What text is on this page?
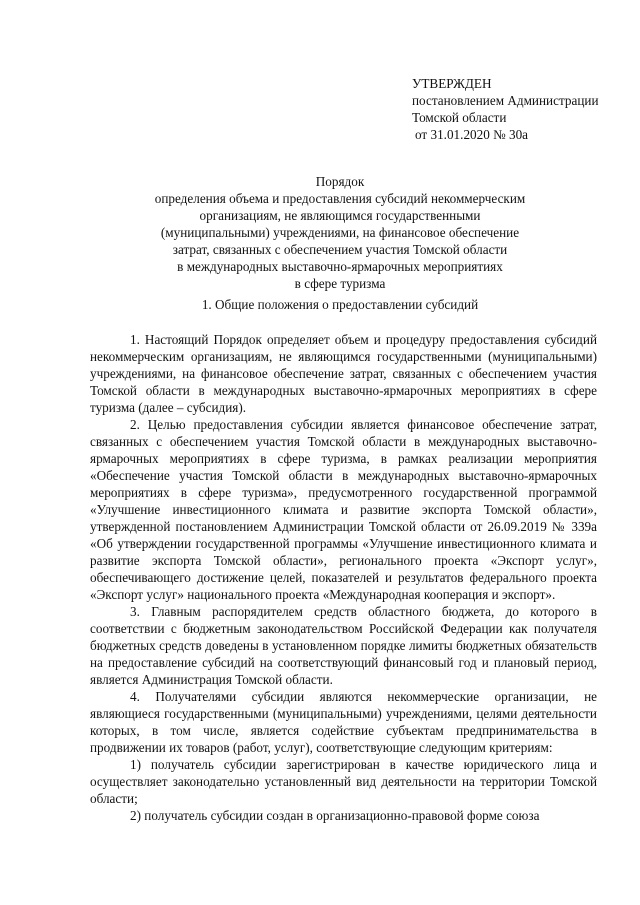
УТВЕРЖДЕН
постановлением Администрации
Томской области
от 31.01.2020 № 30а
Порядок
определения объема и предоставления субсидий некоммерческим
организациям, не являющимся государственными
(муниципальными) учреждениями, на финансовое обеспечение
затрат, связанных с обеспечением участия Томской области
в международных выставочно-ярмарочных мероприятиях
в сфере туризма
1. Общие положения о предоставлении субсидий

1. Настоящий Порядок определяет объем и процедуру предоставления субсидий некоммерческим организациям, не являющимся государственными (муниципальными) учреждениями, на финансовое обеспечение затрат, связанных с обеспечением участия Томской области в международных выставочно-ярмарочных мероприятиях в сфере туризма (далее – субсидия).

2. Целью предоставления субсидии является финансовое обеспечение затрат, связанных с обеспечением участия Томской области в международных выставочно-ярмарочных мероприятиях в сфере туризма, в рамках реализации мероприятия «Обеспечение участия Томской области в международных выставочно-ярмарочных мероприятиях в сфере туризма», предусмотренного государственной программой «Улучшение инвестиционного климата и развитие экспорта Томской области», утвержденной постановлением Администрации Томской области от 26.09.2019 № 339а «Об утверждении государственной программы «Улучшение инвестиционного климата и развитие экспорта Томской области», регионального проекта «Экспорт услуг», обеспечивающего достижение целей, показателей и результатов федерального проекта «Экспорт услуг» национального проекта «Международная кооперация и экспорт».

3. Главным распорядителем средств областного бюджета, до которого в соответствии с бюджетным законодательством Российской Федерации как получателя бюджетных средств доведены в установленном порядке лимиты бюджетных обязательств на предоставление субсидий на соответствующий финансовый год и плановый период, является Администрация Томской области.

4. Получателями субсидии являются некоммерческие организации, не являющиеся государственными (муниципальными) учреждениями, целями деятельности которых, в том числе, является содействие субъектам предпринимательства в продвижении их товаров (работ, услуг), соответствующие следующим критериям:

1) получатель субсидии зарегистрирован в качестве юридического лица и осуществляет законодательно установленный вид деятельности на территории Томской области;

2) получатель субсидии создан в организационно-правовой форме союза
